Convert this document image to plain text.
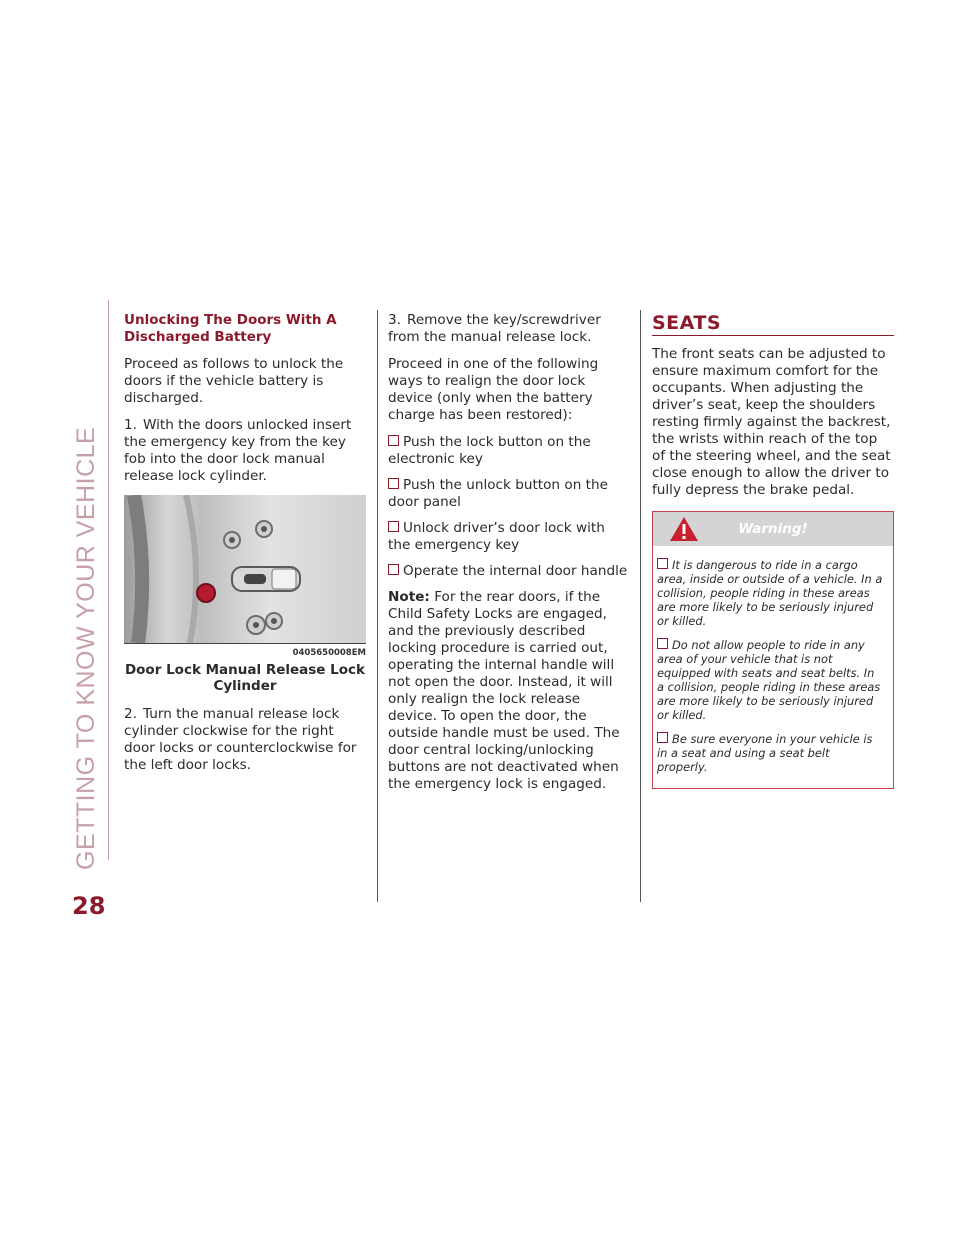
GETTING TO KNOW YOUR VEHICLE
28
Unlocking The Doors With A Discharged Battery

Proceed as follows to unlock the doors if the vehicle battery is discharged.

1. With the doors unlocked insert the emergency key from the key fob into the door lock manual release lock cylinder.

0405650008EM
Door Lock Manual Release Lock Cylinder

2. Turn the manual release lock cylinder clockwise for the right door locks or counterclockwise for the left door locks.

3. Remove the key/screwdriver from the manual release lock.

Proceed in one of the following ways to realign the door lock device (only when the battery charge has been restored):

Push the lock button on the electronic key

Push the unlock button on the door panel

Unlock driver’s door lock with the emergency key

Operate the internal door handle

Note: For the rear doors, if the Child Safety Locks are engaged, and the previously described locking procedure is carried out, operating the internal handle will not open the door. Instead, it will only realign the lock release device. To open the door, the outside handle must be used. The door central locking/unlocking buttons are not deactivated when the emergency lock is engaged.

SEATS

The front seats can be adjusted to ensure maximum comfort for the occupants. When adjusting the driver’s seat, keep the shoulders resting firmly against the backrest, the wrists within reach of the top of the steering wheel, and the seat close enough to allow the driver to fully depress the brake pedal.

Warning!

It is dangerous to ride in a cargo area, inside or outside of a vehicle. In a collision, people riding in these areas are more likely to be seriously injured or killed.

Do not allow people to ride in any area of your vehicle that is not equipped with seats and seat belts. In a collision, people riding in these areas are more likely to be seriously injured or killed.

Be sure everyone in your vehicle is in a seat and using a seat belt properly.
